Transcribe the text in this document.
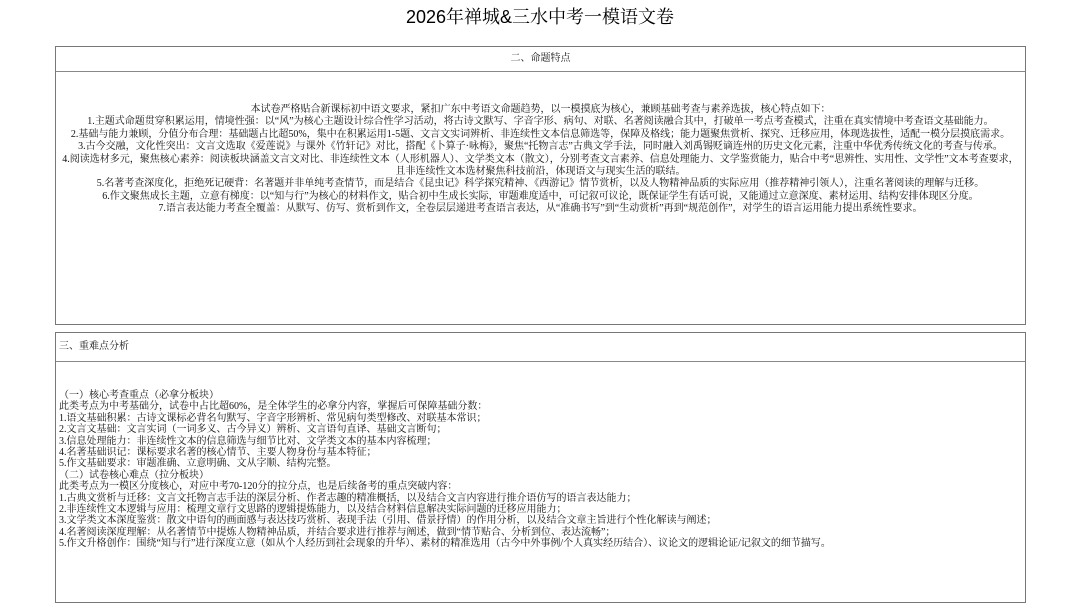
2026年禅城&三水中考一模语文卷
二、命题特点

本试卷严格贴合新课标初中语文要求，紧扣广东中考语文命题趋势，以一模摸底为核心，兼顾基础考查与素养选拔，核心特点如下：

1.主题式命题贯穿积累运用，情境性强：以“风”为核心主题设计综合性学习活动，将古诗文默写、字音字形、病句、对联、名著阅读融合其中，打破单一考点考查模式，注重在真实情境中考查语文基础能力。

2.基础与能力兼顾，分值分布合理：基础题占比超50%，集中在积累运用1-5题、文言文实词辨析、非连续性文本信息筛选等，保障及格线；能力题聚焦赏析、探究、迁移应用，体现选拔性，适配一模分层摸底需求。

3.古今交融，文化性突出：文言文选取《爱莲说》与课外《竹轩记》对比，搭配《卜算子·咏梅》，聚焦“托物言志”古典文学手法，同时融入刘禹锡贬谪连州的历史文化元素，注重中华优秀传统文化的考查与传承。

4.阅读选材多元，聚焦核心素养：阅读板块涵盖文言文对比、非连续性文本（人形机器人）、文学类文本（散文），分别考查文言素养、信息处理能力、文学鉴赏能力，贴合中考“思辨性、实用性、文学性”文本考查要求，且非连续性文本选材聚焦科技前沿，体现语文与现实生活的联结。

5.名著考查深度化，拒绝死记硬背：名著题并非单纯考查情节，而是结合《昆虫记》科学探究精神、《西游记》情节赏析，以及人物精神品质的实际应用（推荐精神引领人），注重名著阅读的理解与迁移。

6.作文聚焦成长主题，立意有梯度：以“知与行”为核心的材料作文，贴合初中生成长实际，审题难度适中，可记叙可议论，既保证学生有话可说，又能通过立意深度、素材运用、结构安排体现区分度。

7.语言表达能力考查全覆盖：从默写、仿写、赏析到作文，全卷层层递进考查语言表达，从“准确书写”到“生动赏析”再到“规范创作”，对学生的语言运用能力提出系统性要求。

三、重难点分析

（一）核心考查重点（必拿分板块）

此类考点为中考基础分，试卷中占比超60%，是全体学生的必拿分内容，掌握后可保障基础分数：

1.语文基础积累：古诗文课标必背名句默写、字音字形辨析、常见病句类型修改、对联基本常识；

2.文言文基础：文言实词（一词多义、古今异义）辨析、文言语句直译、基础文言断句；

3.信息处理能力：非连续性文本的信息筛选与细节比对、文学类文本的基本内容梳理；

4.名著基础识记：课标要求名著的核心情节、主要人物身份与基本特征；

5.作文基础要求：审题准确、立意明确、文从字顺、结构完整。

（二）试卷核心难点（拉分板块）

此类考点为一模区分度核心，对应中考70-120分的拉分点，也是后续备考的重点突破内容：

1.古典文赏析与迁移：文言文托物言志手法的深层分析、作者志趣的精准概括，以及结合文言内容进行推介语仿写的语言表达能力；

2.非连续性文本逻辑与应用：梳理文章行文思路的逻辑提炼能力，以及结合材料信息解决实际问题的迁移应用能力；

3.文学类文本深度鉴赏：散文中语句的画面感与表达技巧赏析、表现手法（引用、借景抒情）的作用分析，以及结合文章主旨进行个性化解读与阐述；

4.名著阅读深度理解：从名著情节中提炼人物精神品质，并结合要求进行推荐与阐述，做到“情节贴合、分析到位、表达流畅”；

5.作文升格创作：围绕“知与行”进行深度立意（如从个人经历到社会现象的升华）、素材的精准选用（古今中外事例/个人真实经历结合）、议论文的逻辑论证/记叙文的细节描写。
